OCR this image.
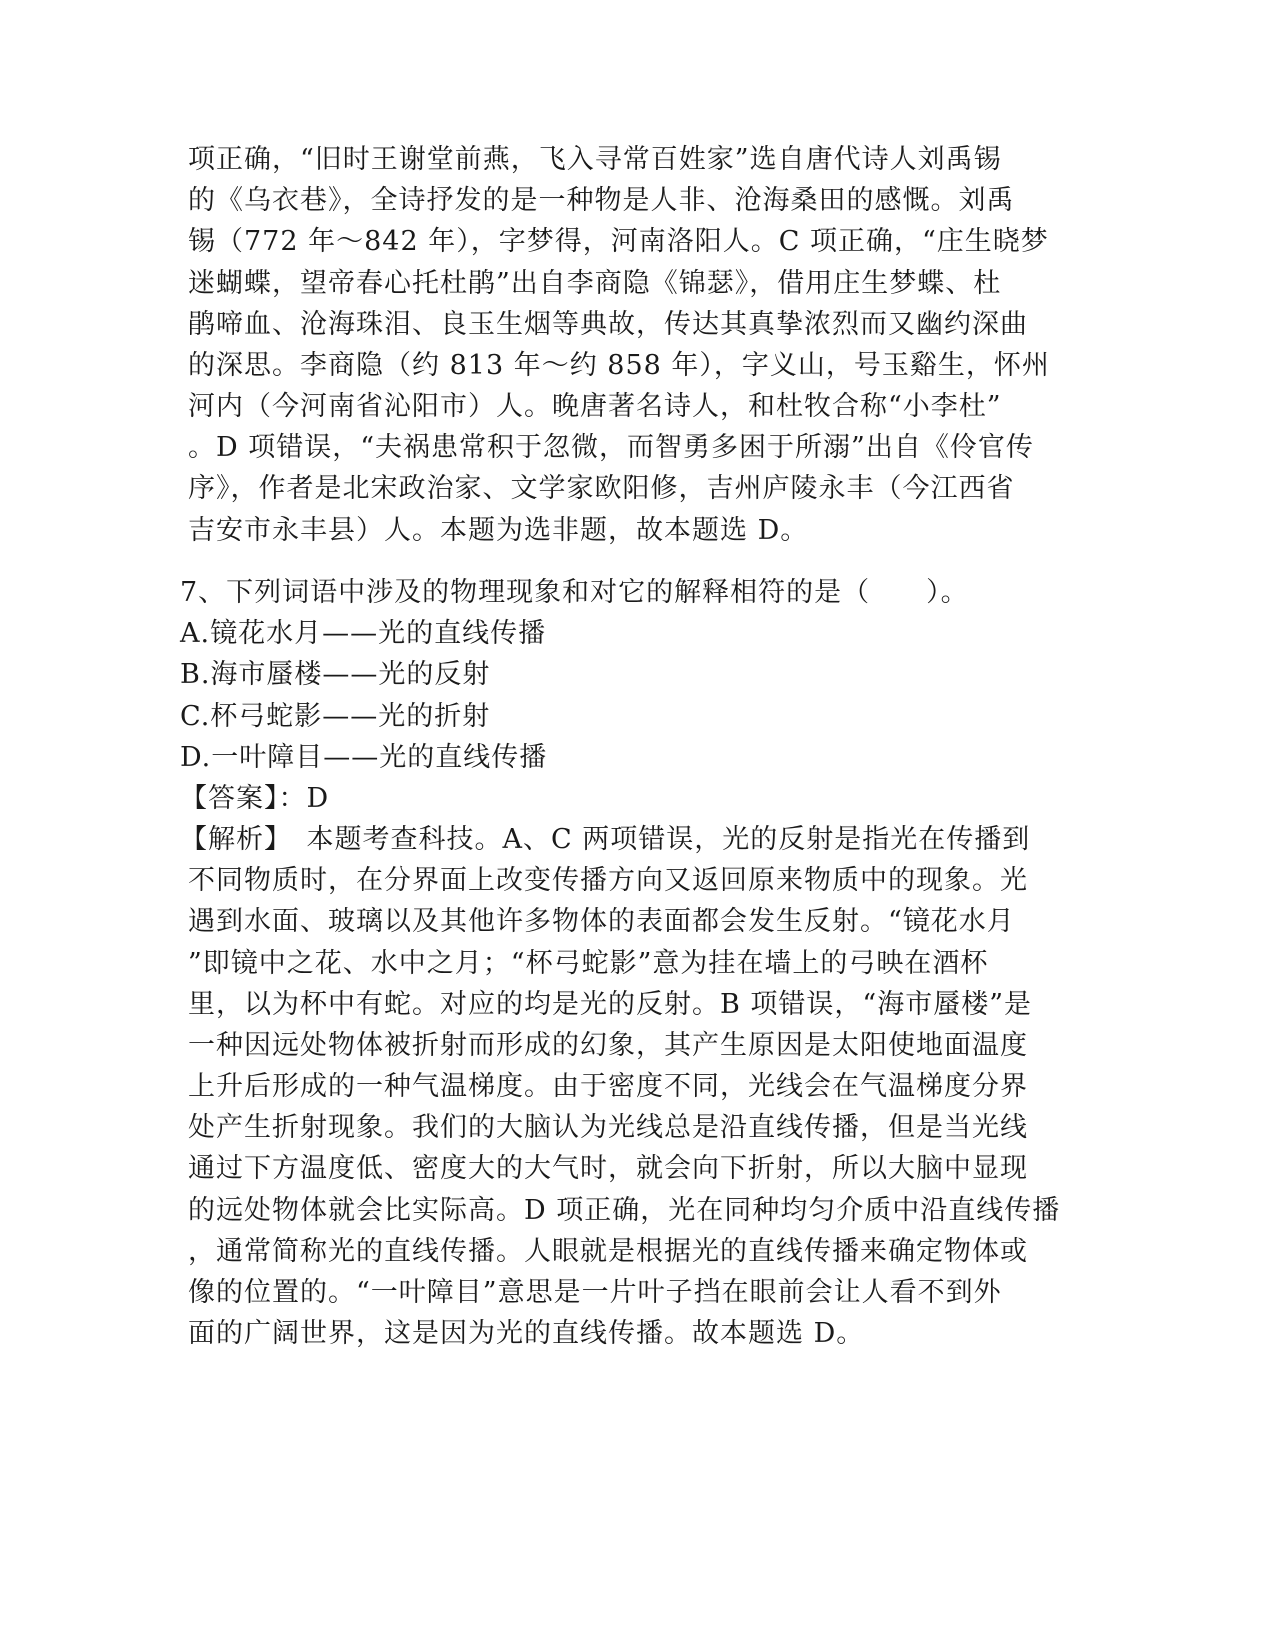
项正确，“旧时王谢堂前燕，飞入寻常百姓家”选自唐代诗人刘禹锡
的《乌衣巷》，全诗抒发的是一种物是人非、沧海桑田的感慨。刘禹
锡（772 年～842 年），字梦得，河南洛阳人。C 项正确，“庄生晓梦
迷蝴蝶，望帝春心托杜鹃”出自李商隐《锦瑟》，借用庄生梦蝶、杜
鹃啼血、沧海珠泪、良玉生烟等典故，传达其真挚浓烈而又幽约深曲
的深思。李商隐（约 813 年～约 858 年），字义山，号玉谿生，怀州
河内（今河南省沁阳市）人。晚唐著名诗人，和杜牧合称“小李杜”
。D 项错误，“夫祸患常积于忽微，而智勇多困于所溺”出自《伶官传
序》，作者是北宋政治家、文学家欧阳修，吉州庐陵永丰（今江西省
吉安市永丰县）人。本题为选非题，故本题选 D。
7、下列词语中涉及的物理现象和对它的解释相符的是（　　）。
A.镜花水月——光的直线传播
B.海市蜃楼——光的反射
C.杯弓蛇影——光的折射
D.一叶障目——光的直线传播
【答案】：D
【解析】　本题考查科技。A、C 两项错误，光的反射是指光在传播到
不同物质时，在分界面上改变传播方向又返回原来物质中的现象。光
遇到水面、玻璃以及其他许多物体的表面都会发生反射。“镜花水月
”即镜中之花、水中之月；“杯弓蛇影”意为挂在墙上的弓映在酒杯
里，以为杯中有蛇。对应的均是光的反射。B 项错误，“海市蜃楼”是
一种因远处物体被折射而形成的幻象，其产生原因是太阳使地面温度
上升后形成的一种气温梯度。由于密度不同，光线会在气温梯度分界
处产生折射现象。我们的大脑认为光线总是沿直线传播，但是当光线
通过下方温度低、密度大的大气时，就会向下折射，所以大脑中显现
的远处物体就会比实际高。D 项正确，光在同种均匀介质中沿直线传播
，通常简称光的直线传播。人眼就是根据光的直线传播来确定物体或
像的位置的。“一叶障目”意思是一片叶子挡在眼前会让人看不到外
面的广阔世界，这是因为光的直线传播。故本题选 D。
